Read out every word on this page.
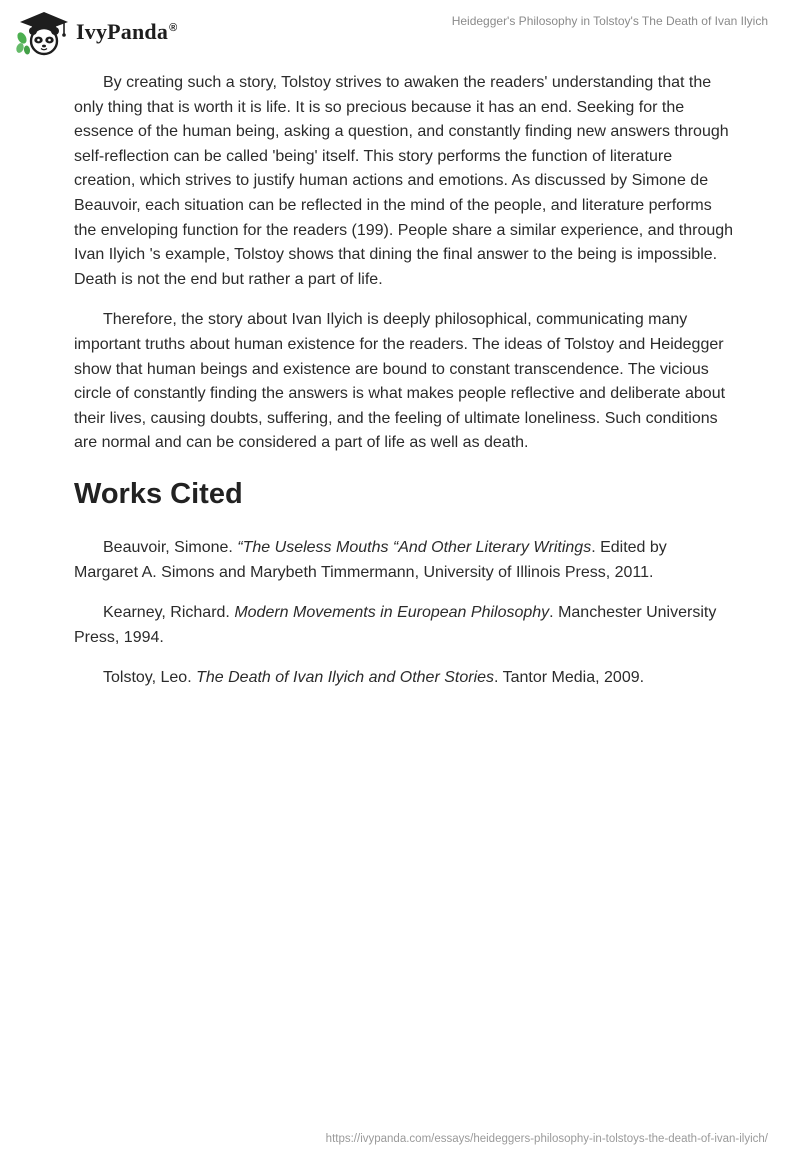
IvyPanda®	Heidegger's Philosophy in Tolstoy's The Death of Ivan Ilyich

By creating such a story, Tolstoy strives to awaken the readers' understanding that the only thing that is worth it is life. It is so precious because it has an end. Seeking for the essence of the human being, asking a question, and constantly finding new answers through self-reflection can be called 'being' itself. This story performs the function of literature creation, which strives to justify human actions and emotions. As discussed by Simone de Beauvoir, each situation can be reflected in the mind of the people, and literature performs the enveloping function for the readers (199). People share a similar experience, and through Ivan Ilyich 's example, Tolstoy shows that dining the final answer to the being is impossible. Death is not the end but rather a part of life.

Therefore, the story about Ivan Ilyich is deeply philosophical, communicating many important truths about human existence for the readers. The ideas of Tolstoy and Heidegger show that human beings and existence are bound to constant transcendence. The vicious circle of constantly finding the answers is what makes people reflective and deliberate about their lives, causing doubts, suffering, and the feeling of ultimate loneliness. Such conditions are normal and can be considered a part of life as well as death.

Works Cited

Beauvoir, Simone. “The Useless Mouths “And Other Literary Writings. Edited by Margaret A. Simons and Marybeth Timmermann, University of Illinois Press, 2011.

Kearney, Richard. Modern Movements in European Philosophy. Manchester University Press, 1994.

Tolstoy, Leo. The Death of Ivan Ilyich and Other Stories. Tantor Media, 2009.

https://ivypanda.com/essays/heideggers-philosophy-in-tolstoys-the-death-of-ivan-ilyich/
